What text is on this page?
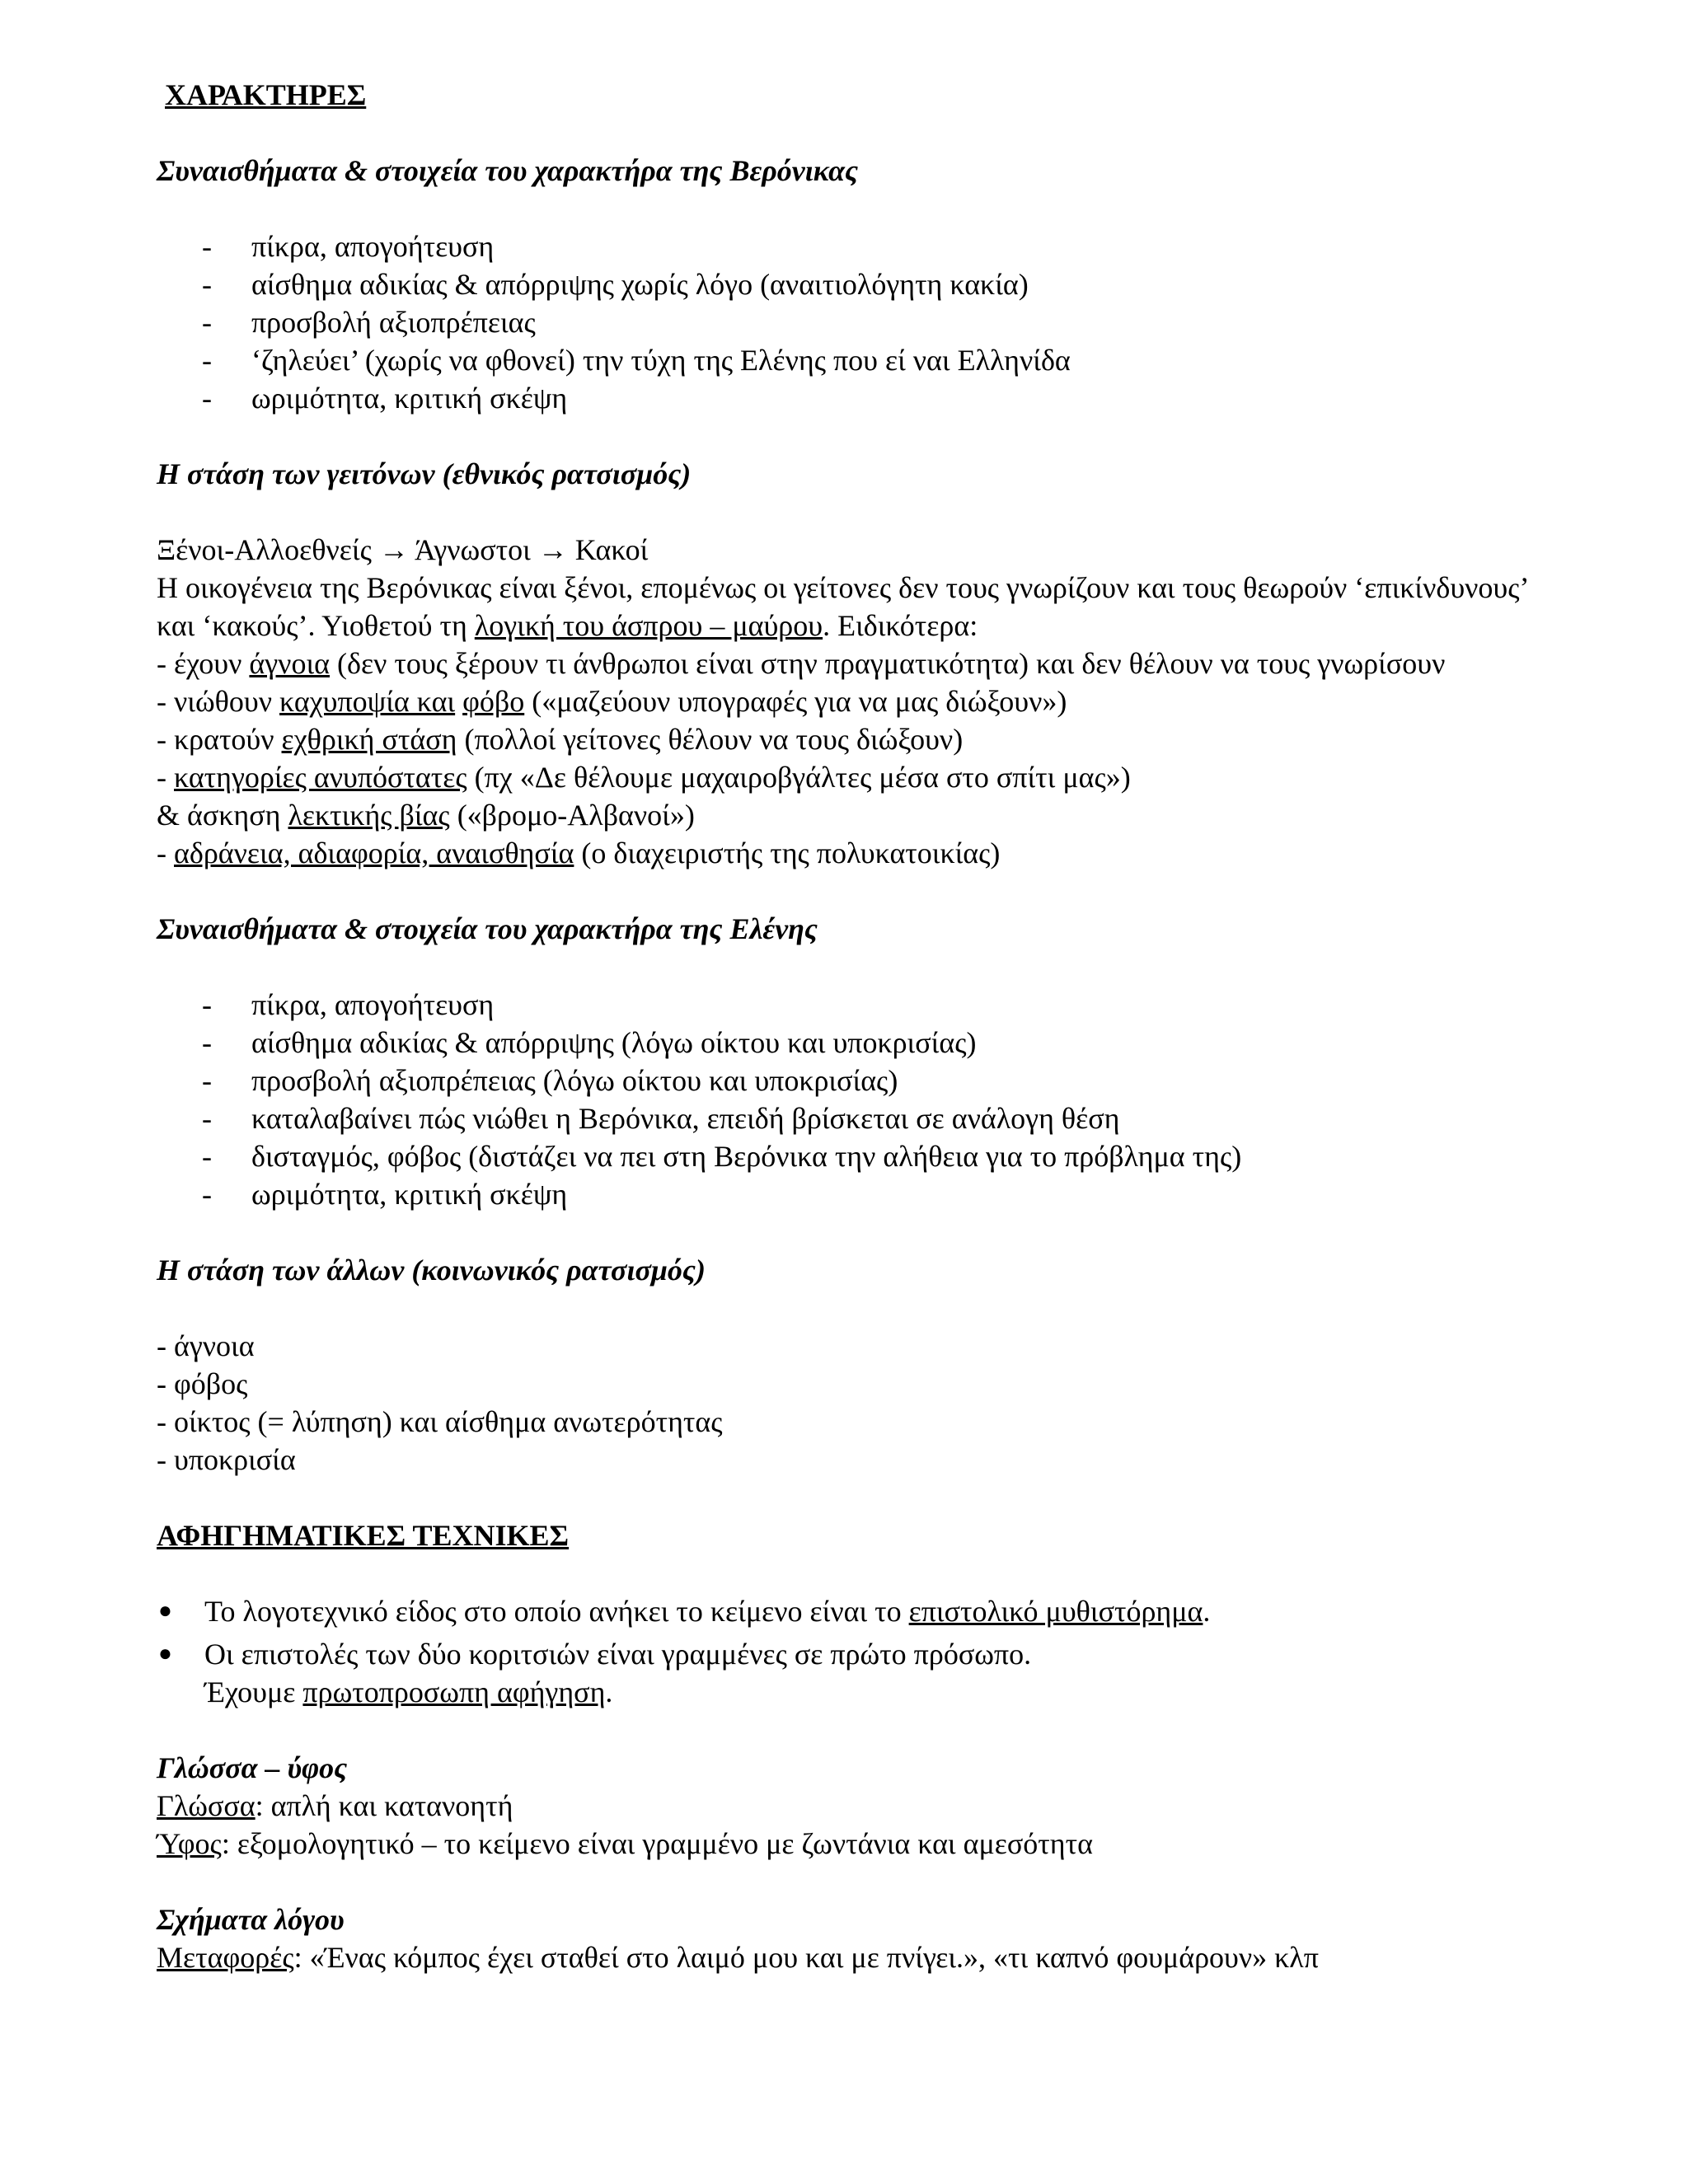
ΧΑΡΑΚΤΗΡΕΣ
Συναισθήματα & στοιχεία του χαρακτήρα της Βερόνικας
- πίκρα, απογοήτευση
- αίσθημα αδικίας & απόρριψης χωρίς λόγο (αναιτιολόγητη κακία)
- προσβολή αξιοπρέπειας
- ‘ζηλεύει’ (χωρίς να φθονεί) την τύχη της Ελένης που εί ναι Ελληνίδα
- ωριμότητα, κριτική σκέψη
Η στάση των γειτόνων (εθνικός ρατσισμός)

Ξένοι-Αλλοεθνείς → Άγνωστοι → Κακοί

Η οικογένεια της Βερόνικας είναι ξένοι, επομένως οι γείτονες δεν τους γνωρίζουν και τους θεωρούν ‘επικίνδυνους’ και ‘κακούς’. Υιοθετού τη λογική του άσπρου – μαύρου. Ειδικότερα:

- έχουν άγνοια (δεν τους ξέρουν τι άνθρωποι είναι στην πραγματικότητα) και δεν θέλουν να τους γνωρίσουν

- νιώθουν καχυποψία και φόβο («μαζεύουν υπογραφές για να μας διώξουν»)

- κρατούν εχθρική στάση (πολλοί γείτονες θέλουν να τους διώξουν)

- κατηγορίες ανυπόστατες (πχ «Δε θέλουμε μαχαιροβγάλτες μέσα στο σπίτι μας»)

& άσκηση λεκτικής βίας («βρομο-Αλβανοί»)

- αδράνεια, αδιαφορία, αναισθησία (ο διαχειριστής της πολυκατοικίας)

Συναισθήματα & στοιχεία του χαρακτήρα της Ελένης
- πίκρα, απογοήτευση
- αίσθημα αδικίας & απόρριψης (λόγω οίκτου και υποκρισίας)
- προσβολή αξιοπρέπειας (λόγω οίκτου και υποκρισίας)
- καταλαβαίνει πώς νιώθει η Βερόνικα, επειδή βρίσκεται σε ανάλογη θέση
- δισταγμός, φόβος (διστάζει να πει στη Βερόνικα την αλήθεια για το πρόβλημα της)
- ωριμότητα, κριτική σκέψη
Η στάση των άλλων (κοινωνικός ρατσισμός)

- άγνοια

- φόβος

- οίκτος (= λύπηση) και αίσθημα ανωτερότητας

- υποκρισία

ΑΦΗΓΗΜΑΤΙΚΕΣ ΤΕΧΝΙΚΕΣ
● Το λογοτεχνικό είδος στο οποίο ανήκει το κείμενο είναι το επιστολικό μυθιστόρημα.
● Οι επιστολές των δύο κοριτσιών είναι γραμμένες σε πρώτο πρόσωπο.
Έχουμε πρωτοπροσωπη αφήγηση.
Γλώσσα – ύφος

Γλώσσα: απλή και κατανοητή

Ύφος: εξομολογητικό – το κείμενο είναι γραμμένο με ζωντάνια και αμεσότητα

Σχήματα λόγου

Μεταφορές: «Ένας κόμπος έχει σταθεί στο λαιμό μου και με πνίγει.», «τι καπνό φουμάρουν» κλπ
